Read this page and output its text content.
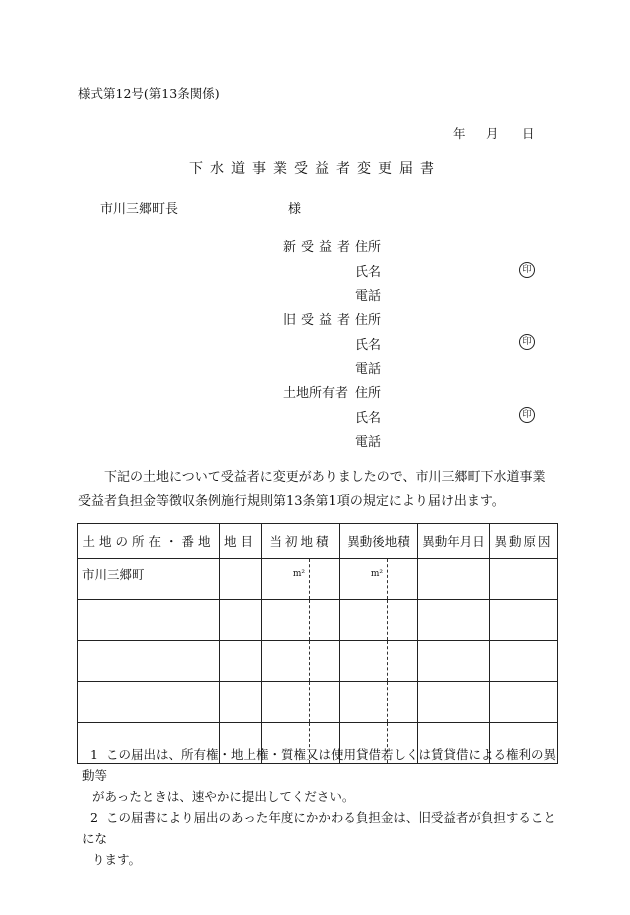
様式第12号(第13条関係)
年 月 日
下水道事業受益者変更届書
市川三郷町長	様
新受益者 住所
氏名	印
電話
旧受益者 住所
氏名	印
電話
土地所有者 住所
氏名	印
電話
下記の土地について受益者に変更がありましたので、市川三郷町下水道事業受益者負担金等徴収条例施行規則第13条第1項の規定により届け出ます。
土地の所在・番地	地目	当初地積		異動後地積		異動年月日	異動原因
市川三郷町		$_{m^2}$		$_{m^2}$			

1 この届出は、所有権・地上権・質権又は使用貸借若しくは賃貸借による権利の異動等
があったときは、速やかに提出してください。
2 この届書により届出のあった年度にかかわる負担金は、旧受益者が負担することにな
ります。
